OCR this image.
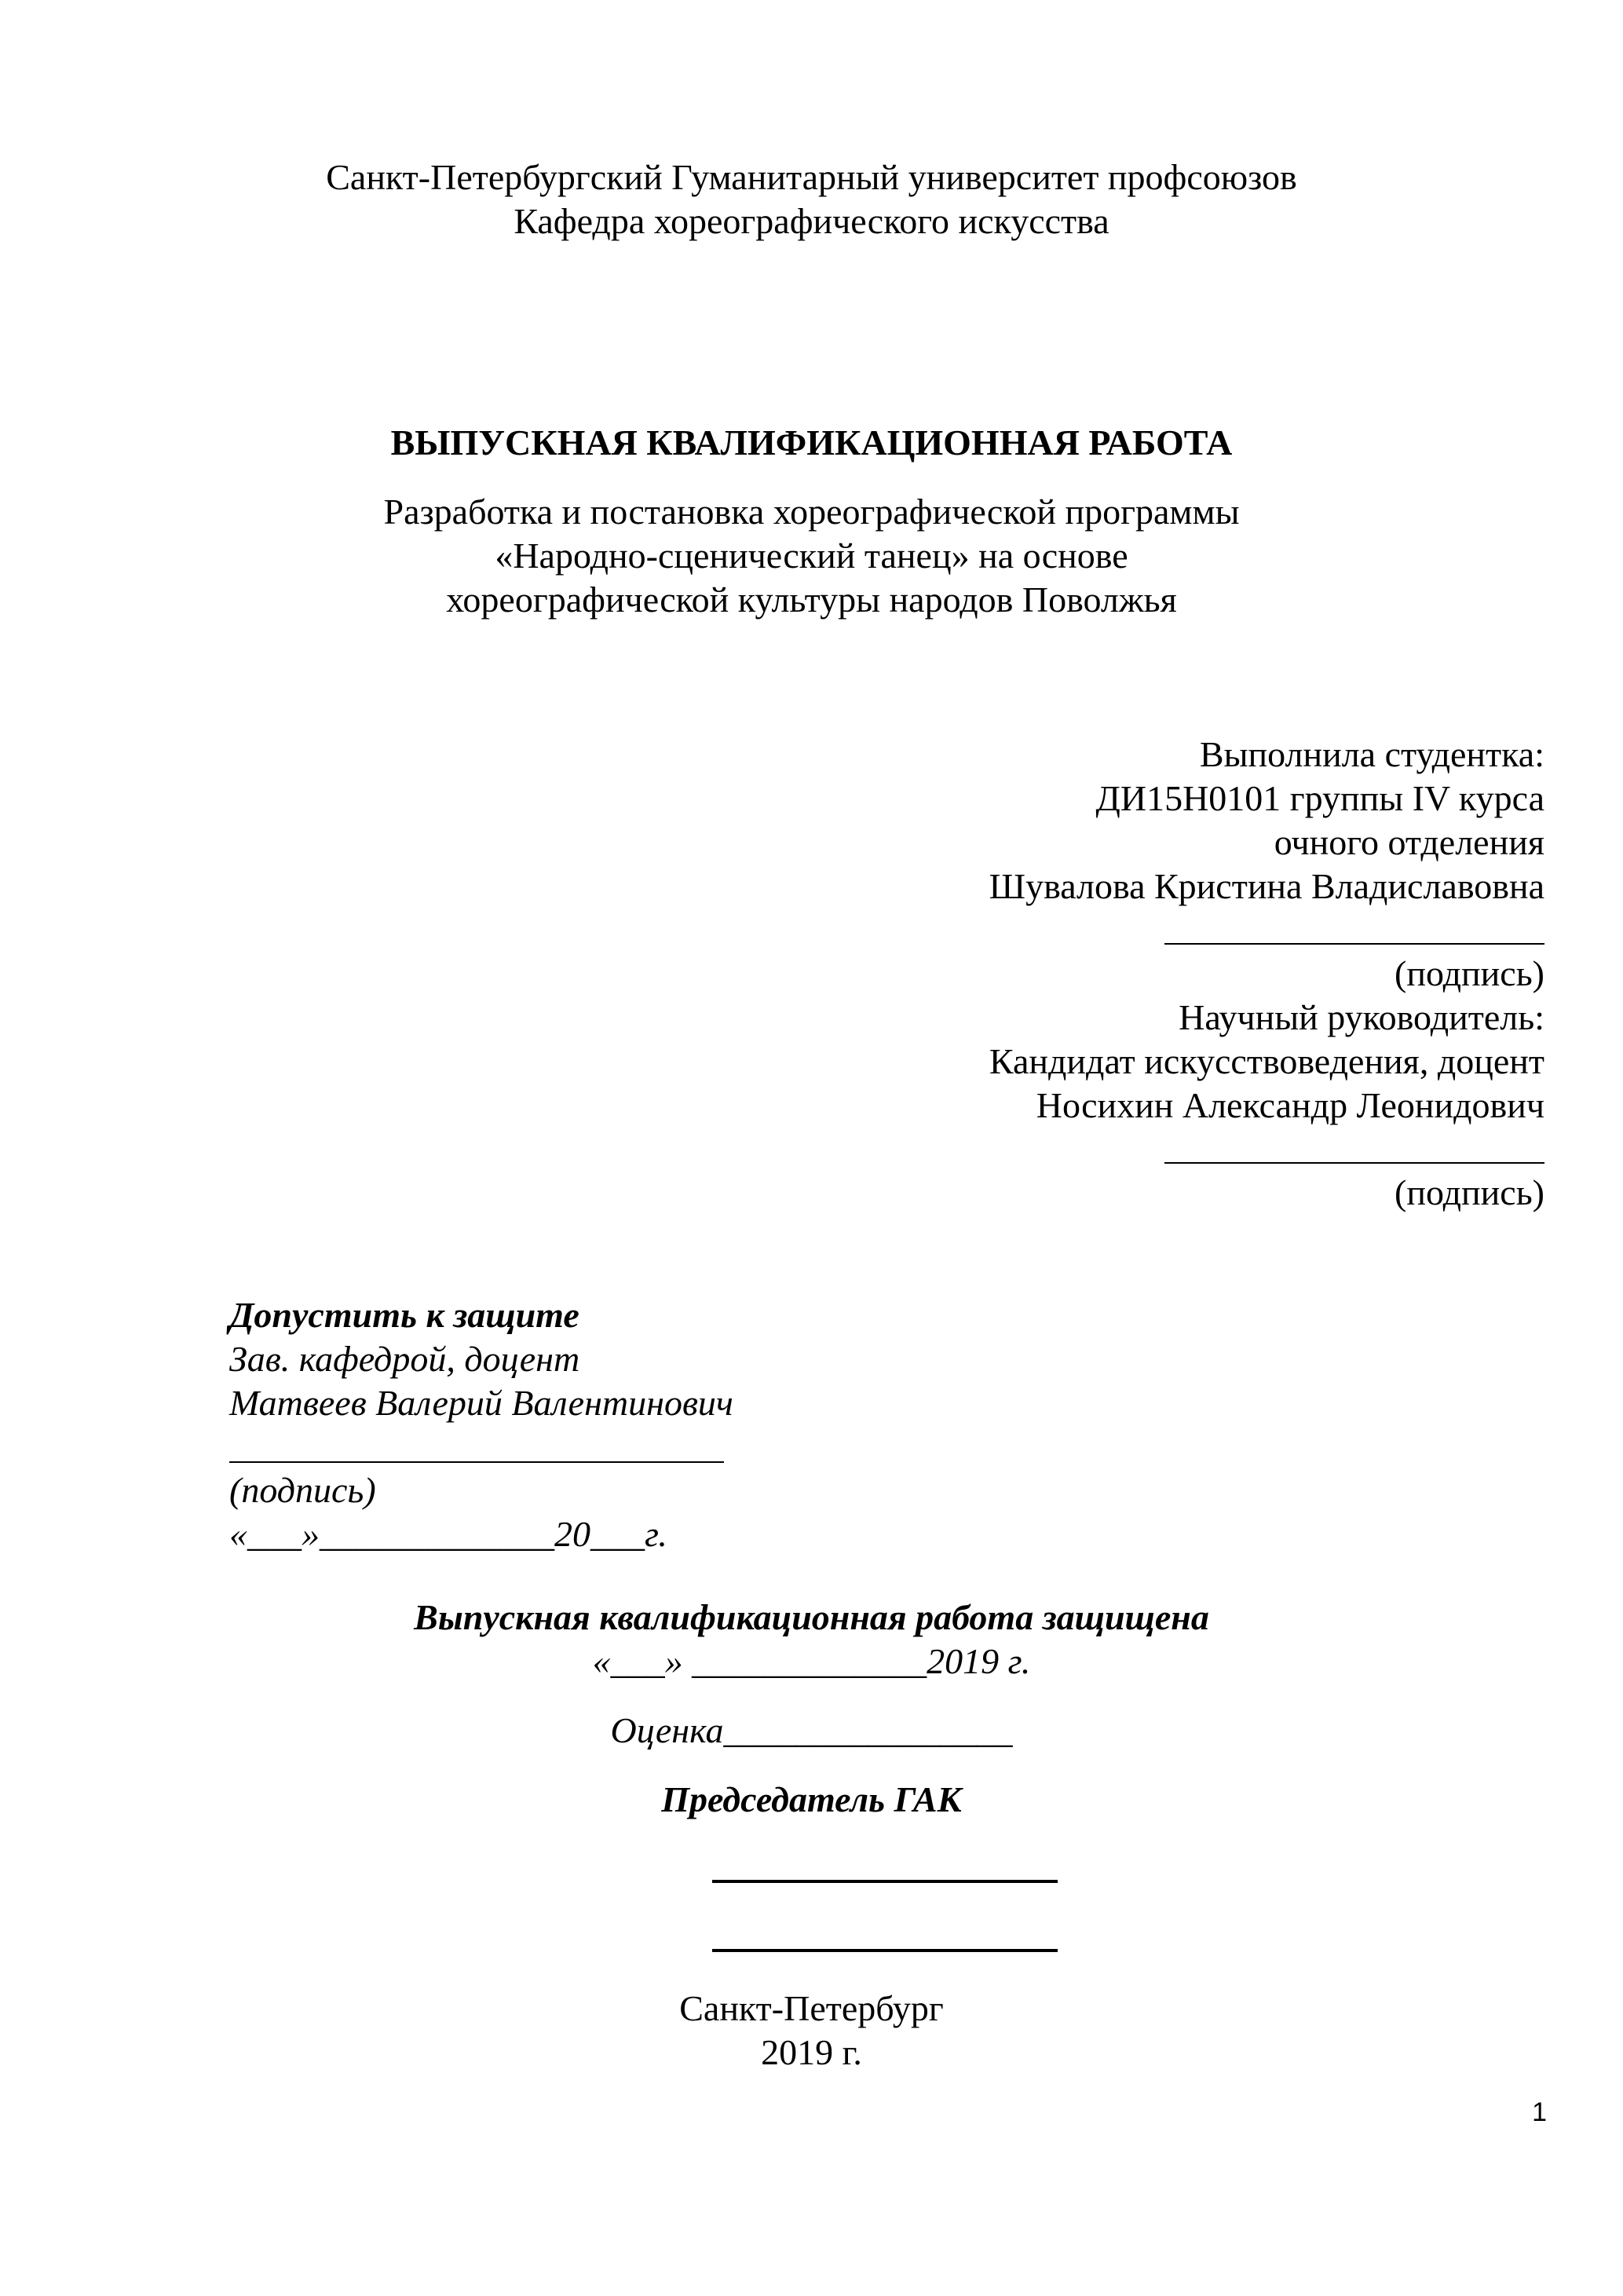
Санкт-Петербургский Гуманитарный университет профсоюзов
Кафедра хореографического искусства
ВЫПУСКНАЯ КВАЛИФИКАЦИОННАЯ РАБОТА
Разработка и постановка хореографической программы
«Народно-сценический танец» на основе
хореографической культуры народов Поволжья
Выполнила студентка:
ДИ15Н0101 группы IV курса
очного отделения
Шувалова Кристина Владиславовна
(подпись)
Научный руководитель:
Кандидат искусствоведения, доцент
Носихин Александр Леонидович
(подпись)
Допустить к защите
Зав. кафедрой, доцент
Матвеев Валерий Валентинович
(подпись)
«___»_____________20___г.
Выпускная квалификационная работа защищена
«___» _____________2019 г.
Оценка________________
Председатель ГАК
Санкт-Петербург
2019 г.
1
